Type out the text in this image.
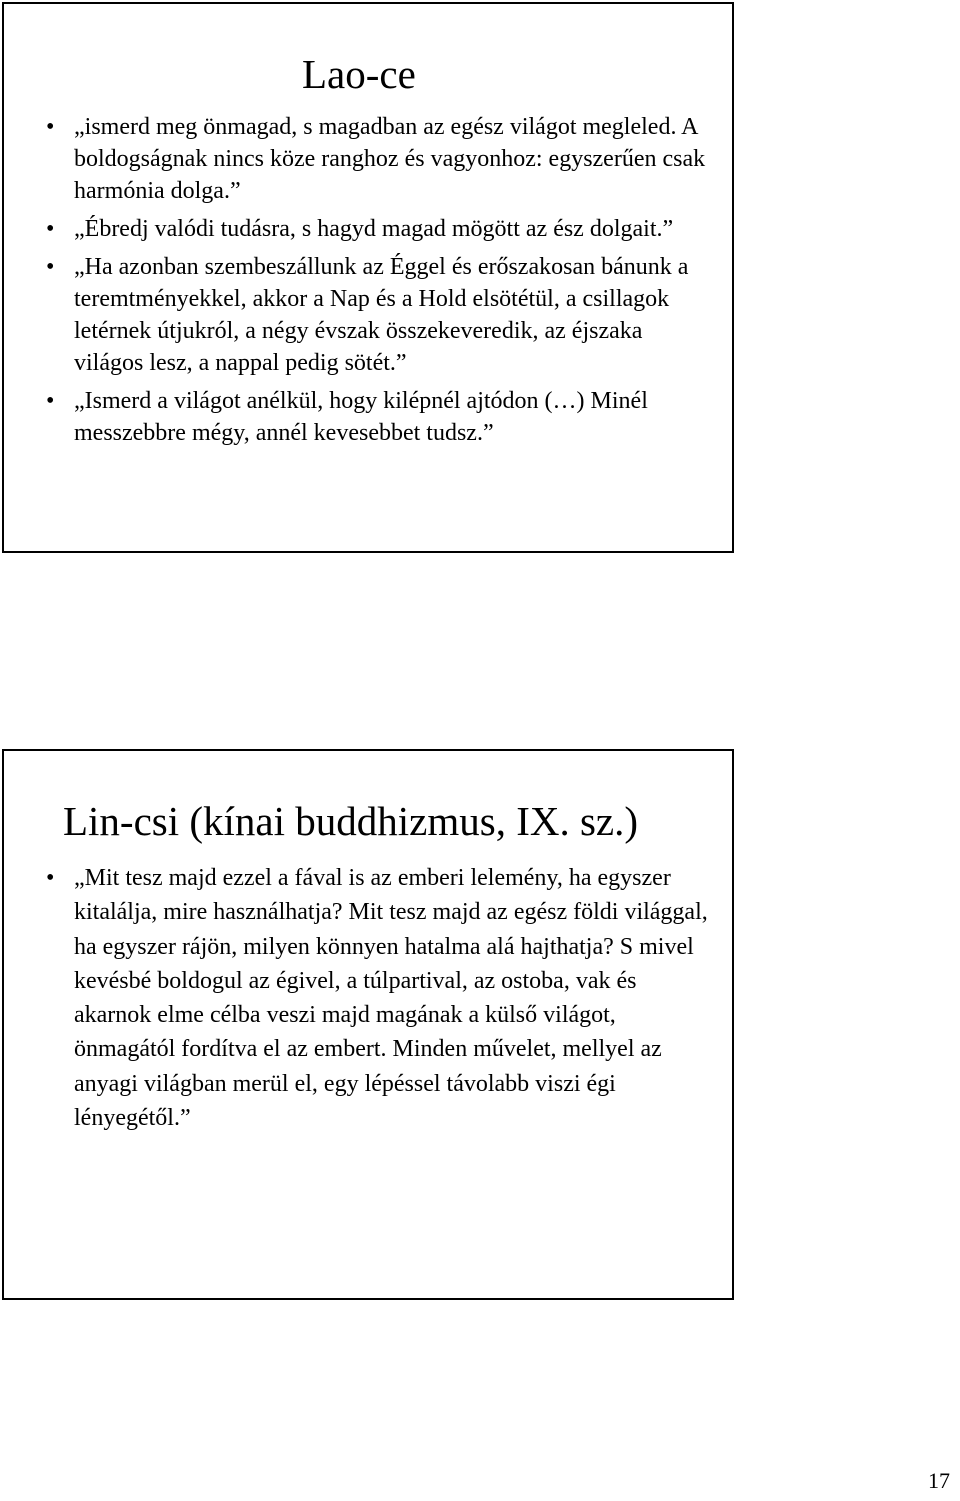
Lao-ce
• „ismerd meg önmagad, s magadban az egész világot megleled. A boldogságnak nincs köze ranghoz és vagyonhoz: egyszerűen csak harmónia dolga.”
• „Ébredj valódi tudásra, s hagyd magad mögött az ész dolgait.”
• „Ha azonban szembeszállunk az Éggel és erőszakosan bánunk a teremtményekkel, akkor a Nap és a Hold elsötétül, a csillagok letérnek útjukról, a négy évszak összekeveredik, az éjszaka világos lesz, a nappal pedig sötét.”
• „Ismerd a világot anélkül, hogy kilépnél ajtódon (…) Minél messzebbre mégy, annél kevesebbet tudsz.”
Lin-csi (kínai buddhizmus, IX. sz.)
• „Mit tesz majd ezzel a fával is az emberi lelemény, ha egyszer kitalálja, mire használhatja? Mit tesz majd az egész földi világgal, ha egyszer rájön, milyen könnyen hatalma alá hajthatja? S mivel kevésbé boldogul az égivel, a túlpartival, az ostoba, vak és akarnok elme célba veszi majd magának a külső világot, önmagától fordítva el az embert. Minden művelet, mellyel az anyagi világban merül el, egy lépéssel távolabb viszi égi lényegétől.”
17
